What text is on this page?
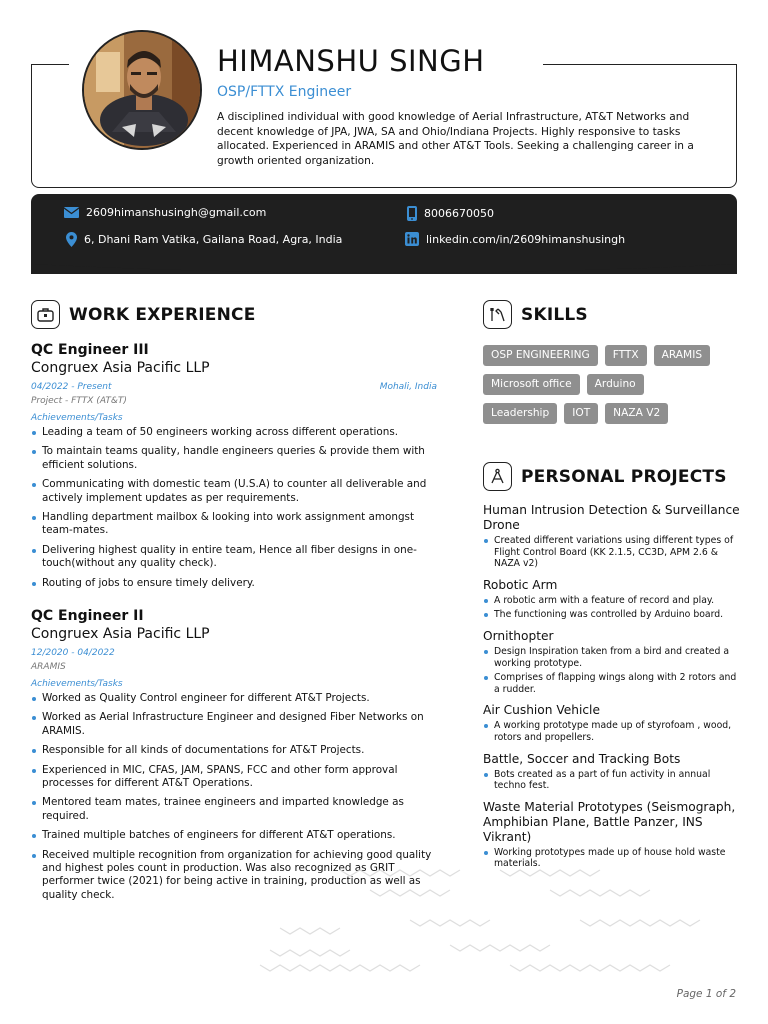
HIMANSHU SINGH
OSP/FTTX Engineer
A disciplined individual with good knowledge of Aerial Infrastructure, AT&T Networks and decent knowledge of JPA, JWA, SA and Ohio/Indiana Projects. Highly responsive to tasks allocated. Experienced in ARAMIS and other AT&T Tools. Seeking a challenging career in a growth oriented organization.
2609himanshusingh@gmail.com	8006670050
6, Dhani Ram Vatika, Gailana Road, Agra, India	linkedin.com/in/2609himanshusingh
WORK EXPERIENCE
QC Engineer III
Congruex Asia Pacific LLP
04/2022 - Present	Mohali, India
Project - FTTX (AT&T)
Achievements/Tasks
Leading a team of 50 engineers working across different operations.
To maintain teams quality, handle engineers queries & provide them with efficient solutions.
Communicating with domestic team (U.S.A) to counter all deliverable and actively implement updates as per requirements.
Handling department mailbox & looking into work assignment amongst team-mates.
Delivering highest quality in entire team, Hence all fiber designs in one-touch(without any quality check).
Routing of jobs to ensure timely delivery.
QC Engineer II
Congruex Asia Pacific LLP
12/2020 - 04/2022
ARAMIS
Achievements/Tasks
Worked as Quality Control engineer for different AT&T Projects.
Worked as Aerial Infrastructure Engineer and designed Fiber Networks on ARAMIS.
Responsible for all kinds of documentations for AT&T Projects.
Experienced in MIC, CFAS, JAM, SPANS, FCC and other form approval processes for different AT&T Operations.
Mentored team mates, trainee engineers and imparted knowledge as required.
Trained multiple batches of engineers for different AT&T operations.
Received multiple recognition from organization for achieving good quality and highest poles count in production. Was also recognized as GRIT performer twice (2021) for being active in training, production as well as quality check.
SKILLS
OSP ENGINEERING	FTTX	ARAMIS
Microsoft office	Arduino
Leadership	IOT	NAZA V2
PERSONAL PROJECTS
Human Intrusion Detection & Surveillance Drone
Created different variations using different types of Flight Control Board (KK 2.1.5, CC3D, APM 2.6 & NAZA v2)
Robotic Arm
A robotic arm with a feature of record and play.
The functioning was controlled by Arduino board.
Ornithopter
Design Inspiration taken from a bird and created a working prototype.
Comprises of flapping wings along with 2 rotors and a rudder.
Air Cushion Vehicle
A working prototype made up of styrofoam , wood, rotors and propellers.
Battle, Soccer and Tracking Bots
Bots created as a part of fun activity in annual techno fest.
Waste Material Prototypes (Seismograph, Amphibian Plane, Battle Panzer, INS Vikrant)
Working prototypes made up of house hold waste materials.
Page 1 of 2
